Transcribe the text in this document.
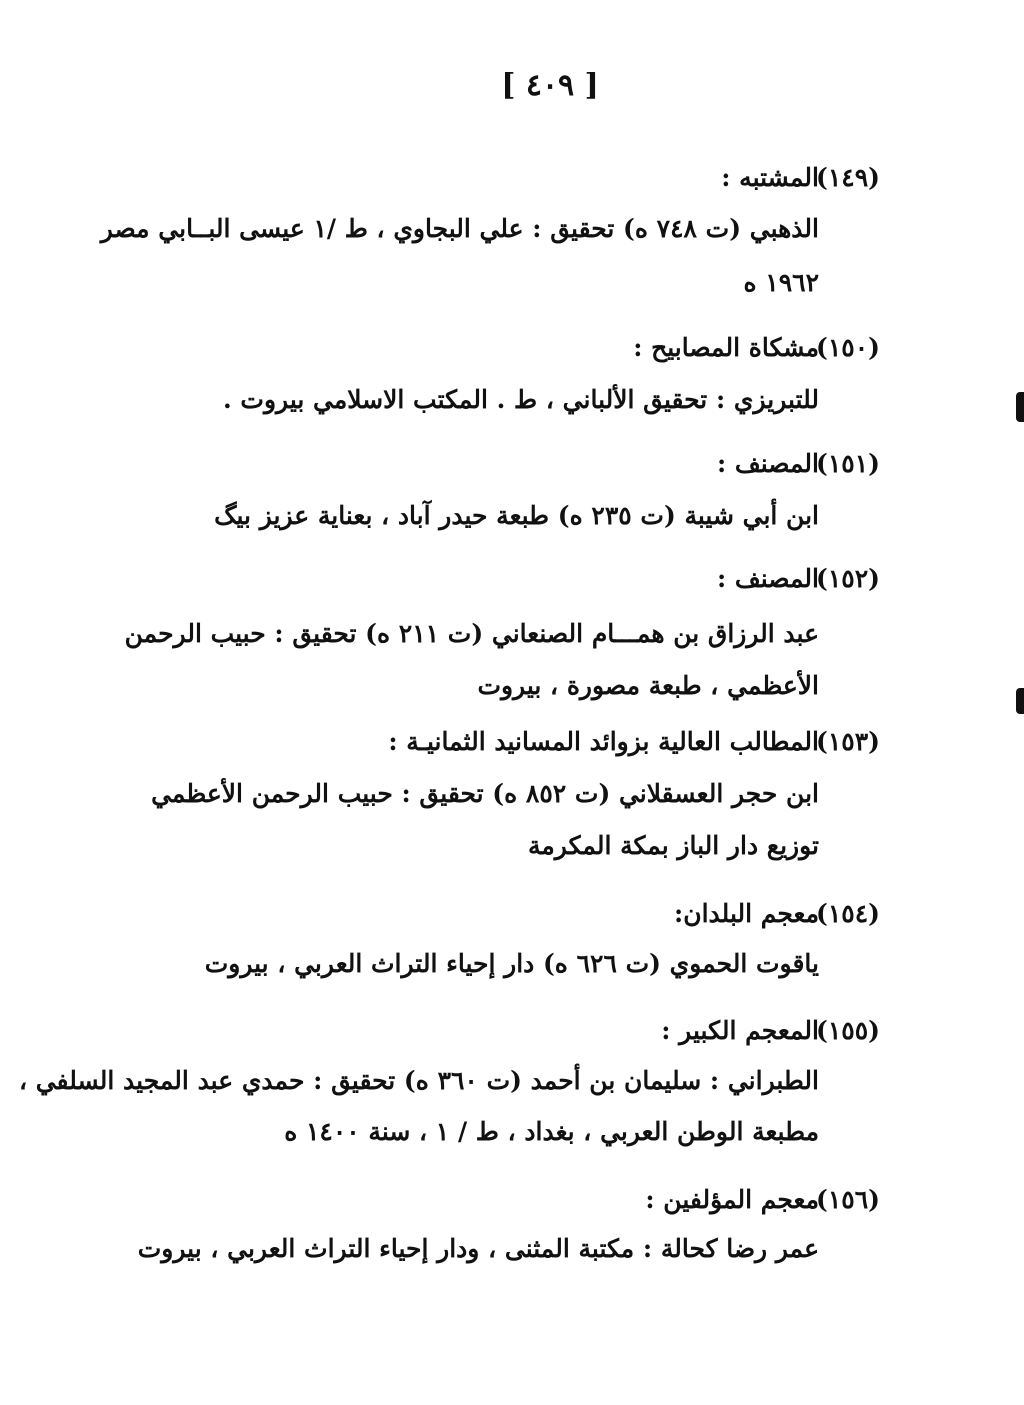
[ ٤٠٩ ]
(١٤٩)
المشتبه :
الذهبي (ت ٧٤٨ ه) تحقيق : علي البجاوي ، ط /١ عيسى البــابي مصر
١٩٦٢ ه
(١٥٠)
مشكاة المصابيح :
للتبريزي : تحقيق الألباني ، ط . المكتب الاسلامي بيروت .
(١٥١)
المصنف :
ابن أبي شيبة (ت ٢٣٥ ه) طبعة حيدر آباد ، بعناية عزيز بيگ
(١٥٢)
المصنف :
عبد الرزاق بن همـــام الصنعاني (ت ٢١١ ه) تحقيق : حبيب الرحمن
الأعظمي ، طبعة مصورة ، بيروت
(١٥٣)
المطالب العالية بزوائد المسانيد الثمانيـة :
ابن حجر العسقلاني (ت ٨٥٢ ه) تحقيق : حبيب الرحمن الأعظمي
توزيع دار الباز بمكة المكرمة
(١٥٤)
معجم البلدان:
ياقوت الحموي (ت ٦٢٦ ه) دار إحياء التراث العربي ، بيروت
(١٥٥)
المعجم الكبير :
الطبراني : سليمان بن أحمد (ت ٣٦٠ ه) تحقيق : حمدي عبد المجيد السلفي ،
مطبعة الوطن العربي ، بغداد ، ط / ١ ، سنة ١٤٠٠ ه
(١٥٦)
معجم المؤلفين :
عمر رضا كحالة : مكتبة المثنى ، ودار إحياء التراث العربي ، بيروت
